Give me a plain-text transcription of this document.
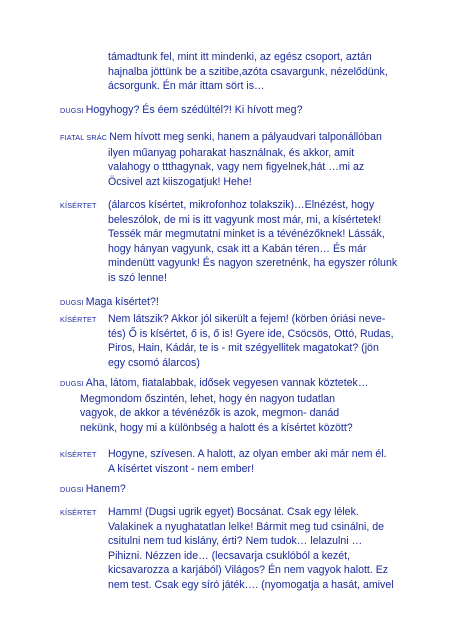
támadtunk fel, mint itt mindenki, az egész csoport, aztán
hajnalba jöttünk be a szitibe,azóta csavargunk, nézelődünk,
ácsorgunk. Én már ittam sört is…
DUGSI Hogyhogy? És éem szédültél?! Ki hívott meg?
FIATAL SRÁC Nem hívott meg senki, hanem a pályaudvari talponállóban
ilyen műanyag poharakat használnak, és akkor, amit
valahogy o ttthagynak, vagy nem figyelnek,hát …mi az
Öcsivel azt kiiszogatjuk! Hehe!
KÍSÉRTET (álarcos kísértet, mikrofonhoz tolakszik)…Elnézést, hogy
beleszólok, de mi is itt vagyunk most már, mi, a kísértetek!
Tessék már megmutatni minket is a tévénézőknek! Lássák,
hogy hányan vagyunk, csak itt a Kabán téren… És már
mindenütt vagyunk! És nagyon szeretnénk, ha egyszer rólunk
is szó lenne!
DUGSI Maga kísértet?!
KÍSÉRTET Nem látszik? Akkor jól sikerült a fejem! (körben óriási neve-
tés) Ő is kísértet, ő is, ő is! Gyere ide, Csöcsös, Ottó, Rudas,
Piros, Hain, Kádár, te is - mit szégyellitek magatokat? (jön
egy csomó álarcos)
DUGSI Aha, látom, fiatalabbak, idősek vegyesen vannak köztetek…
Megmondom őszintén, lehet, hogy én nagyon tudatlan
vagyok, de akkor a tévénézők is azok, megmon- danád
nekünk, hogy mi a különbség a halott és a kísértet között?
KÍSÉRTET Hogyne, szívesen. A halott, az olyan ember aki már nem él.
A kísértet viszont - nem ember!
DUGSI Hanem?
KÍSÉRTET Hamm! (Dugsi ugrik egyet) Bocsánat. Csak egy lélek.
Valakinek a nyughatatlan lelke! Bármit meg tud csinálni, de
csitulni nem tud kislány, érti? Nem tudok… lelazulni …
Pihizni. Nézzen ide… (lecsavarja csuklóból a kezét,
kicsavarozza a karjából) Világos? Én nem vagyok halott. Ez
nem test. Csak egy síró játék…. (nyomogatja a hasát, amivel
